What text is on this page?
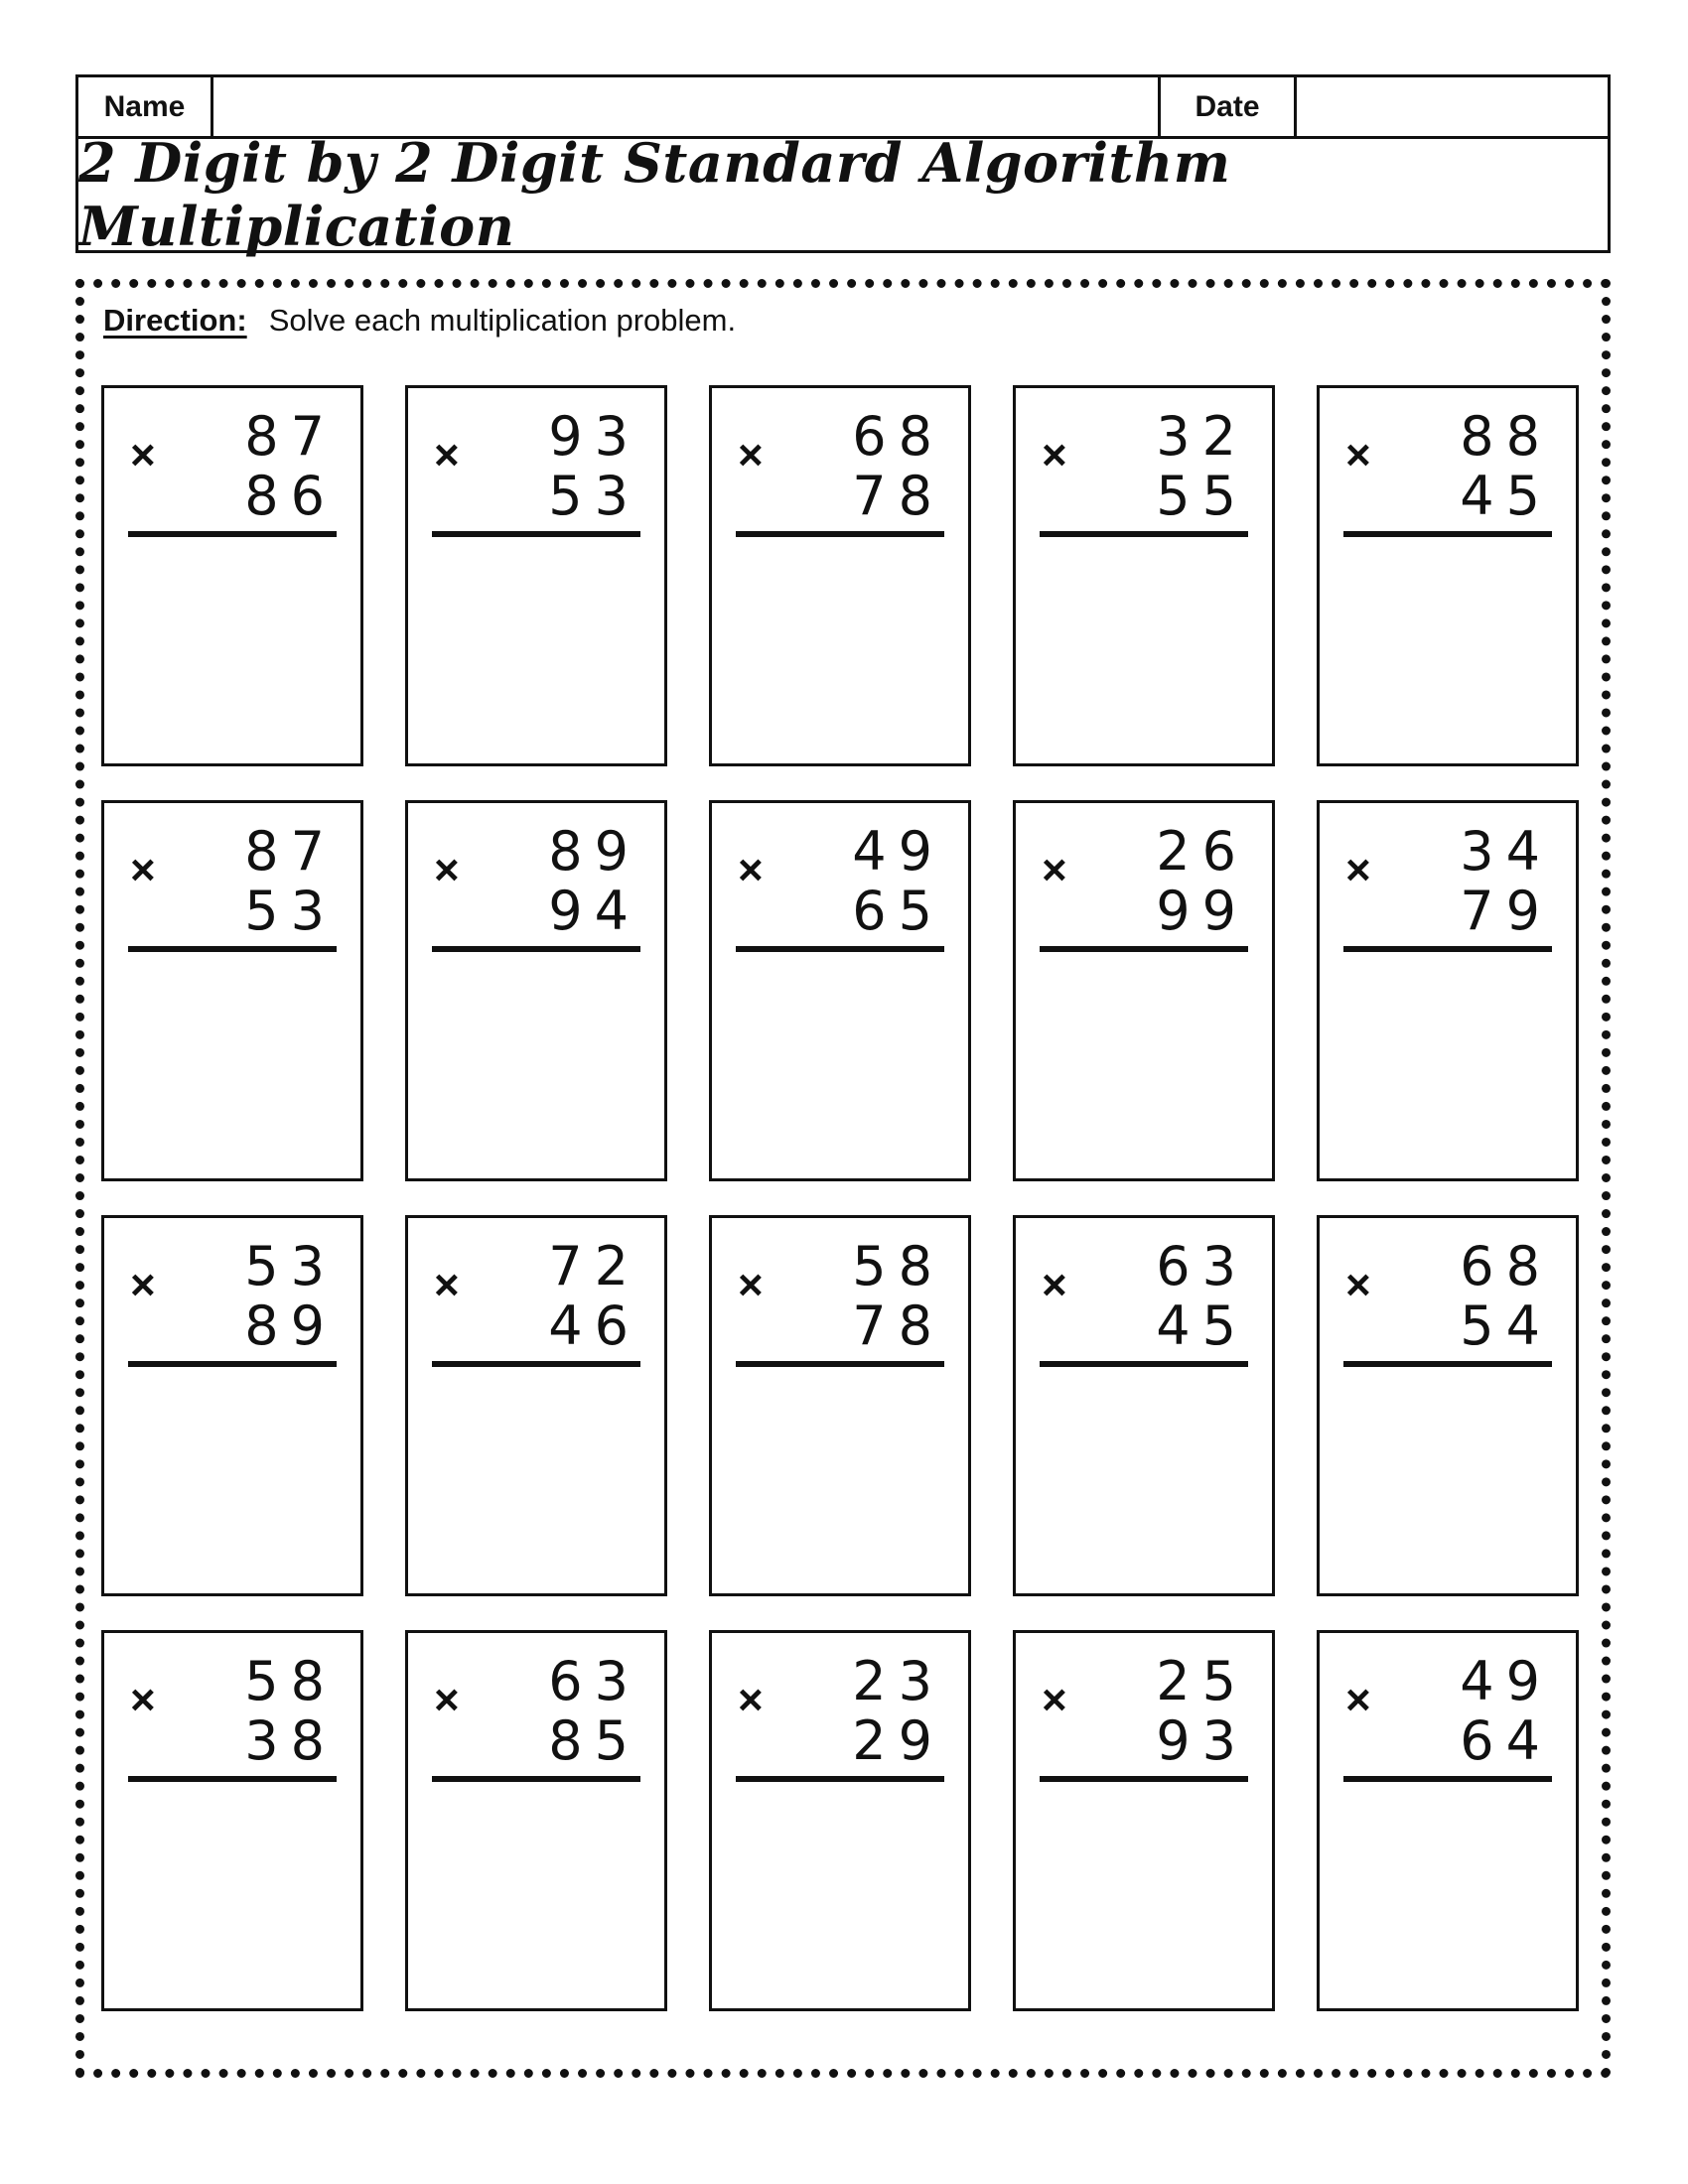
Name	Date
2 Digit by 2 Digit Standard Algorithm Multiplication
Direction: Solve each multiplication problem.
× 87
86
× 93
53
× 68
78
× 32
55
× 88
45
× 87
53
× 89
94
× 49
65
× 26
99
× 34
79
× 53
89
× 72
46
× 58
78
× 63
45
× 68
54
× 58
38
× 63
85
× 23
29
× 25
93
× 49
64
